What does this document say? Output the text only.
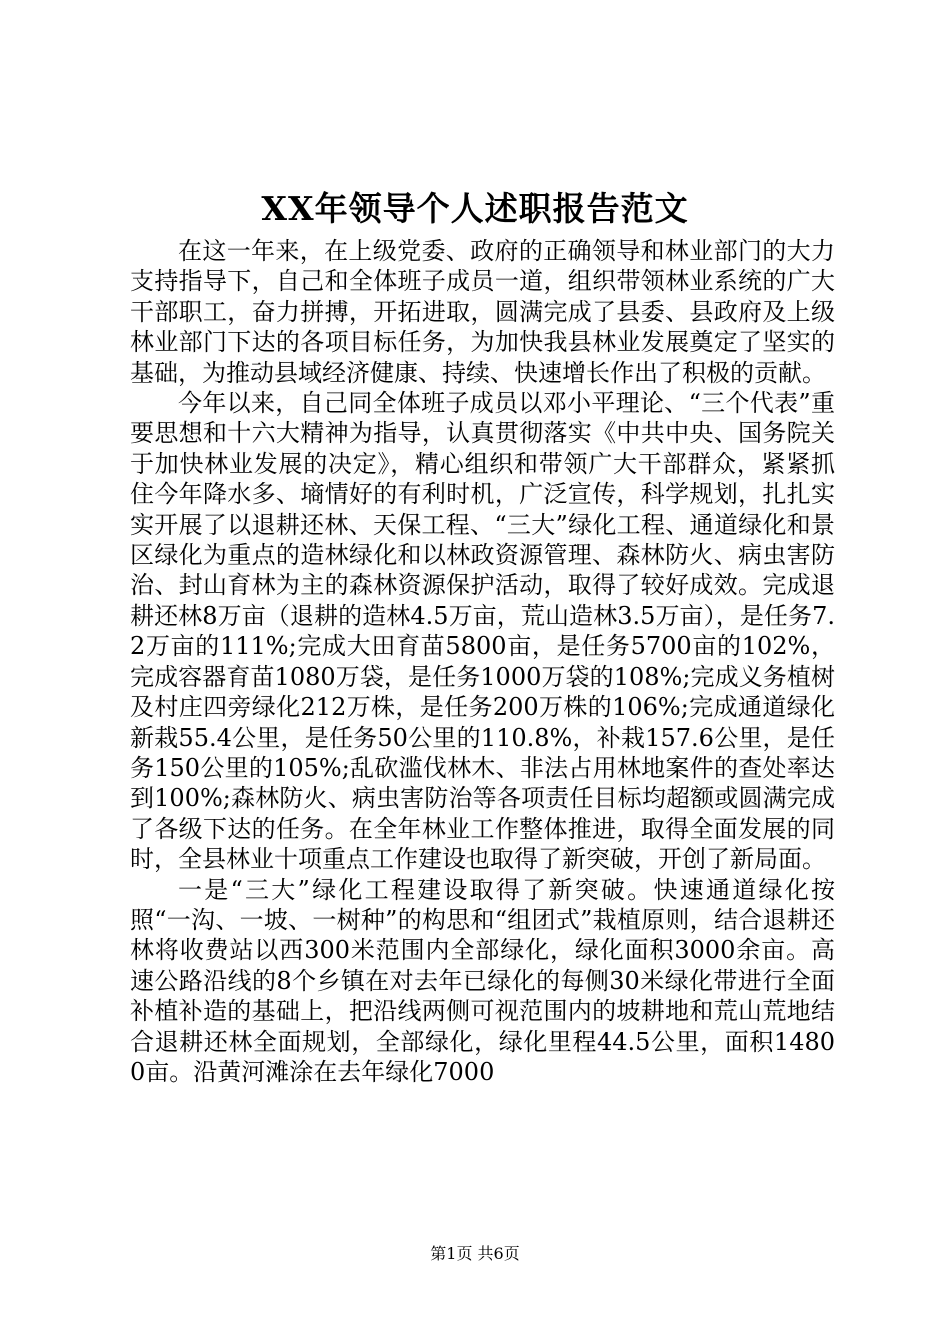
XX年领导个人述职报告范文

在这一年来，在上级党委、政府的正确领导和林业部门的大力支持指导下，自己和全体班子成员一道，组织带领林业系统的广大干部职工，奋力拼搏，开拓进取，圆满完成了县委、县政府及上级林业部门下达的各项目标任务，为加快我县林业发展奠定了坚实的基础，为推动县域经济健康、持续、快速增长作出了积极的贡献。

今年以来，自己同全体班子成员以邓小平理论、“三个代表”重要思想和十六大精神为指导，认真贯彻落实《中共中央、国务院关于加快林业发展的决定》，精心组织和带领广大干部群众，紧紧抓住今年降水多、墒情好的有利时机，广泛宣传，科学规划，扎扎实实开展了以退耕还林、天保工程、“三大”绿化工程、通道绿化和景区绿化为重点的造林绿化和以林政资源管理、森林防火、病虫害防治、封山育林为主的森林资源保护活动，取得了较好成效。完成退耕还林8万亩（退耕的造林4.5万亩，荒山造林3.5万亩），是任务7.2万亩的111%;完成大田育苗5800亩，是任务5700亩的102%，完成容器育苗1080万袋，是任务1000万袋的108%;完成义务植树及村庄四旁绿化212万株，是任务200万株的106%;完成通道绿化新栽55.4公里，是任务50公里的110.8%，补栽157.6公里，是任务150公里的105%;乱砍滥伐林木、非法占用林地案件的查处率达到100%;森林防火、病虫害防治等各项责任目标均超额或圆满完成了各级下达的任务。在全年林业工作整体推进，取得全面发展的同时，全县林业十项重点工作建设也取得了新突破，开创了新局面。

一是“三大”绿化工程建设取得了新突破。快速通道绿化按照“一沟、一坡、一树种”的构思和“组团式”栽植原则，结合退耕还林将收费站以西300米范围内全部绿化，绿化面积3000余亩。高速公路沿线的8个乡镇在对去年已绿化的每侧30米绿化带进行全面补植补造的基础上，把沿线两侧可视范围内的坡耕地和荒山荒地结合退耕还林全面规划，全部绿化，绿化里程44.5公里，面积14800亩。沿黄河滩涂在去年绿化7000

第1页 共6页
